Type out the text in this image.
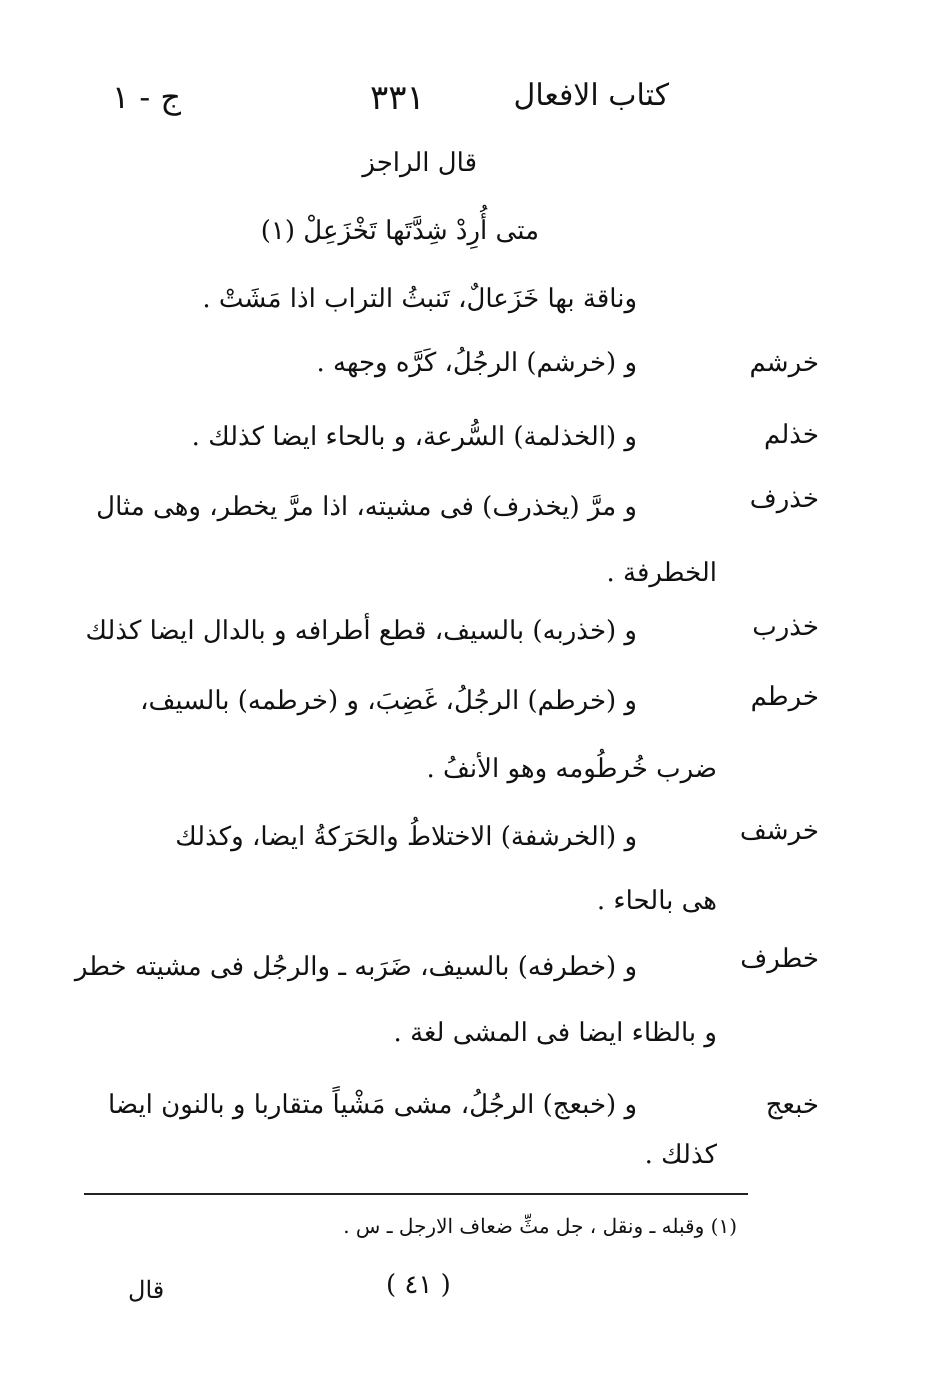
كتاب الافعال
٣٣١
ج - ١
قال الراجز
متى أُرِدْ شِدَّتَها تَخْزَعِلْ (١)
وناقة بها خَزَعالٌ، تَنبثُ التراب اذا مَشَتْ .
خرشم
و (خرشم) الرجُلُ، كَرَّه وجهه .
خذلم
و (الخذلمة) السُّرعة، و بالحاء ايضا كذلك .
خذرف
و مرَّ (يخذرف) فى مشيته، اذا مرَّ يخطر، وهى مثال
الخطرفة .
خذرب
و (خذربه) بالسيف، قطع أطرافه و بالدال ايضا كذلك
خرطم
و (خرطم) الرجُلُ، غَضِبَ، و (خرطمه) بالسيف،
ضرب خُرطُومه وهو الأنفُ .
خرشف
و (الخرشفة) الاختلاطُ والحَرَكةُ ايضا، وكذلك
هى بالحاء .
خطرف
و (خطرفه) بالسيف، ضَرَبه ـ والرجُل فى مشيته خطر
و بالظاء ايضا فى المشى لغة .
خبعج
و (خبعج) الرجُلُ، مشى مَشْياً متقاربا و بالنون ايضا
كذلك .
(١) وقبله ـ ونقل ، جل مثِّ ضعاف الارجل ـ س .
( ٤١ )
قال
